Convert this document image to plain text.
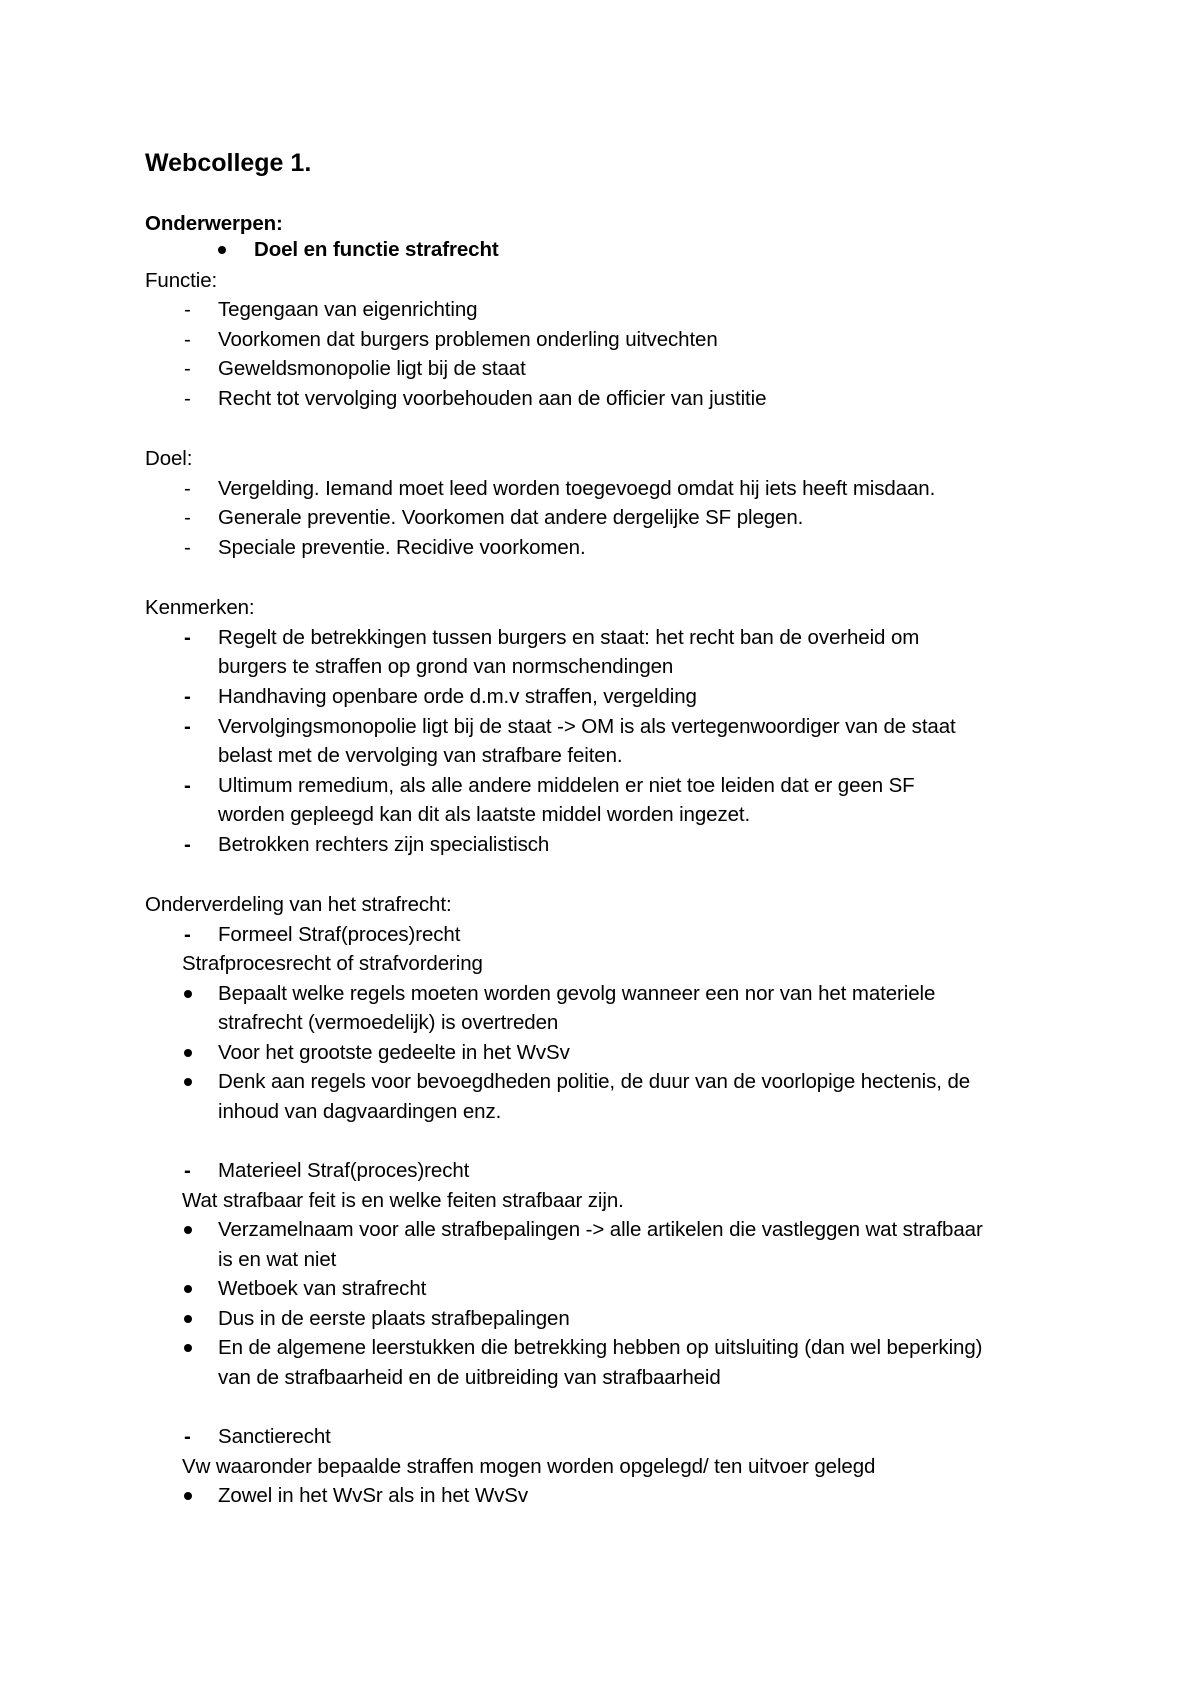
Webcollege 1.
Onderwerpen:
Doel en functie strafrecht
Functie:
- Tegengaan van eigenrichting
- Voorkomen dat burgers problemen onderling uitvechten
- Geweldsmonopolie ligt bij de staat
- Recht tot vervolging voorbehouden aan de officier van justitie
Doel:
- Vergelding. Iemand moet leed worden toegevoegd omdat hij iets heeft misdaan.
- Generale preventie. Voorkomen dat andere dergelijke SF plegen.
- Speciale preventie. Recidive voorkomen.
Kenmerken:
- Regelt de betrekkingen tussen burgers en staat: het recht ban de overheid om
burgers te straffen op grond van normschendingen
- Handhaving openbare orde d.m.v straffen, vergelding
- Vervolgingsmonopolie ligt bij de staat -> OM is als vertegenwoordiger van de staat
belast met de vervolging van strafbare feiten.
- Ultimum remedium, als alle andere middelen er niet toe leiden dat er geen SF
worden gepleegd kan dit als laatste middel worden ingezet.
- Betrokken rechters zijn specialistisch
Onderverdeling van het strafrecht:
- Formeel Straf(proces)recht
Strafprocesrecht of strafvordering
Bepaalt welke regels moeten worden gevolg wanneer een nor van het materiele
strafrecht (vermoedelijk) is overtreden
Voor het grootste gedeelte in het WvSv
Denk aan regels voor bevoegdheden politie, de duur van de voorlopige hectenis, de
inhoud van dagvaardingen enz.
- Materieel Straf(proces)recht
Wat strafbaar feit is en welke feiten strafbaar zijn.
Verzamelnaam voor alle strafbepalingen -> alle artikelen die vastleggen wat strafbaar
is en wat niet
Wetboek van strafrecht
Dus in de eerste plaats strafbepalingen
En de algemene leerstukken die betrekking hebben op uitsluiting (dan wel beperking)
van de strafbaarheid en de uitbreiding van strafbaarheid
- Sanctierecht
Vw waaronder bepaalde straffen mogen worden opgelegd/ ten uitvoer gelegd
Zowel in het WvSr als in het WvSv
